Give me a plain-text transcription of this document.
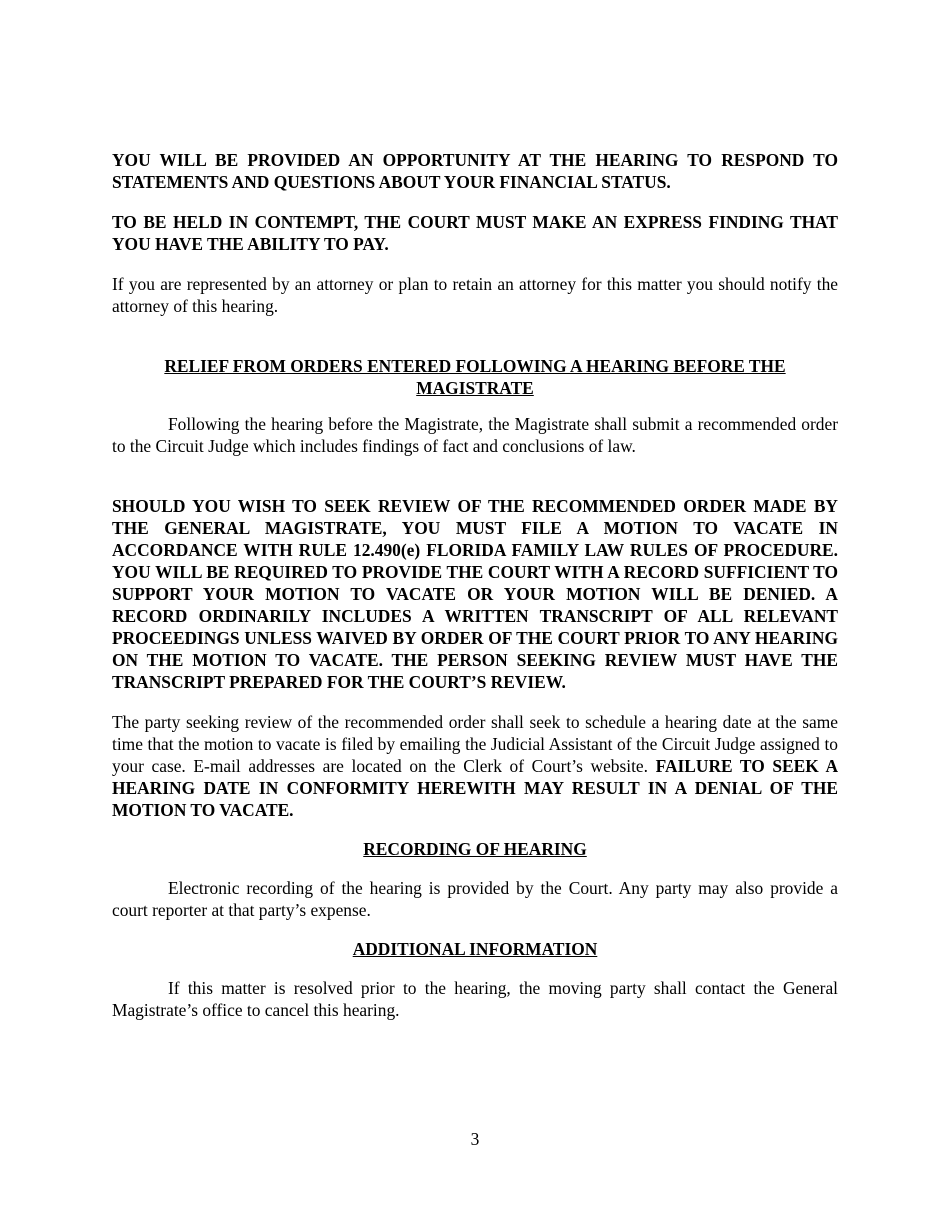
YOU WILL BE PROVIDED AN OPPORTUNITY AT THE HEARING TO RESPOND TO STATEMENTS AND QUESTIONS ABOUT YOUR FINANCIAL STATUS.

TO BE HELD IN CONTEMPT, THE COURT MUST MAKE AN EXPRESS FINDING THAT YOU HAVE THE ABILITY TO PAY.

If you are represented by an attorney or plan to retain an attorney for this matter you should notify the attorney of this hearing.

RELIEF FROM ORDERS ENTERED FOLLOWING A HEARING BEFORE THE MAGISTRATE

Following the hearing before the Magistrate, the Magistrate shall submit a recommended order to the Circuit Judge which includes findings of fact and conclusions of law.

SHOULD YOU WISH TO SEEK REVIEW OF THE RECOMMENDED ORDER MADE BY THE GENERAL MAGISTRATE, YOU MUST FILE A MOTION TO VACATE IN ACCORDANCE WITH RULE 12.490(e) FLORIDA FAMILY LAW RULES OF PROCEDURE. YOU WILL BE REQUIRED TO PROVIDE THE COURT WITH A RECORD SUFFICIENT TO SUPPORT YOUR MOTION TO VACATE OR YOUR MOTION WILL BE DENIED. A RECORD ORDINARILY INCLUDES A WRITTEN TRANSCRIPT OF ALL RELEVANT PROCEEDINGS UNLESS WAIVED BY ORDER OF THE COURT PRIOR TO ANY HEARING ON THE MOTION TO VACATE. THE PERSON SEEKING REVIEW MUST HAVE THE TRANSCRIPT PREPARED FOR THE COURT’S REVIEW.

The party seeking review of the recommended order shall seek to schedule a hearing date at the same time that the motion to vacate is filed by emailing the Judicial Assistant of the Circuit Judge assigned to your case. E-mail addresses are located on the Clerk of Court’s website. FAILURE TO SEEK A HEARING DATE IN CONFORMITY HEREWITH MAY RESULT IN A DENIAL OF THE MOTION TO VACATE.

RECORDING OF HEARING

Electronic recording of the hearing is provided by the Court. Any party may also provide a court reporter at that party’s expense.

ADDITIONAL INFORMATION

If this matter is resolved prior to the hearing, the moving party shall contact the General Magistrate’s office to cancel this hearing.

3
